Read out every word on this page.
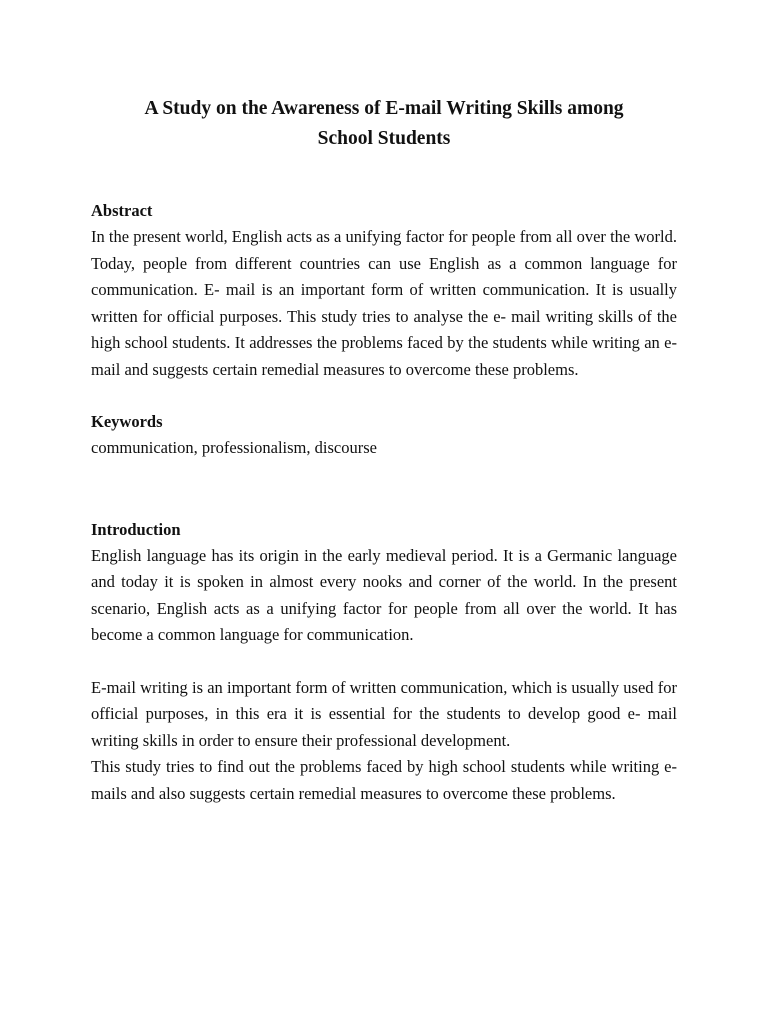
A Study on the Awareness of E-mail Writing Skills among
School Students
Abstract

In the present world, English acts as a unifying factor for people from all over the world. Today, people from different countries can use English as a common language for communication. E- mail is an important form of written communication. It is usually written for official purposes. This study tries to analyse the e- mail writing skills of the high school students. It addresses the problems faced by the students while writing an e- mail and suggests certain remedial measures to overcome these problems.

Keywords

communication, professionalism, discourse

Introduction

English language has its origin in the early medieval period. It is a Germanic language and today it is spoken in almost every nooks and corner of the world. In the present scenario, English acts as a unifying factor for people from all over the world. It has become a common language for communication.

E-mail writing is an important form of written communication, which is usually used for official purposes, in this era it is essential for the students to develop good e- mail writing skills in order to ensure their professional development.

This study tries to find out the problems faced by high school students while writing e- mails and also suggests certain remedial measures to overcome these problems.
